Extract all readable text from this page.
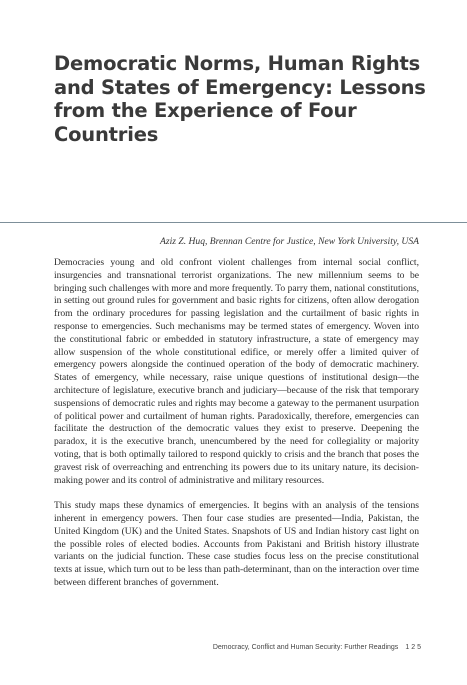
Democratic Norms, Human Rights and States of Emergency: Lessons from the Experience of Four Countries
Aziz Z. Huq, Brennan Centre for Justice, New York University, USA

Democracies young and old confront violent challenges from internal social conflict, insurgencies and transnational terrorist organizations. The new millennium seems to be bringing such challenges with more and more frequently. To parry them, national constitutions, in setting out ground rules for government and basic rights for citizens, often allow derogation from the ordinary procedures for passing legislation and the curtailment of basic rights in response to emergencies. Such mechanisms may be termed states of emergency. Woven into the constitutional fabric or embedded in statutory infrastructure, a state of emergency may allow suspension of the whole constitutional edifice, or merely offer a limited quiver of emergency powers alongside the continued operation of the body of democratic machinery. States of emergency, while necessary, raise unique questions of institutional design—the architecture of legislature, executive branch and judiciary—because of the risk that temporary suspensions of democratic rules and rights may become a gateway to the permanent usurpation of political power and curtailment of human rights. Paradoxically, therefore, emergencies can facilitate the destruction of the democratic values they exist to preserve. Deepening the paradox, it is the executive branch, unencumbered by the need for collegiality or majority voting, that is both optimally tailored to respond quickly to crisis and the branch that poses the gravest risk of overreaching and entrenching its powers due to its unitary nature, its decision-making power and its control of administrative and military resources.

This study maps these dynamics of emergencies. It begins with an analysis of the tensions inherent in emergency powers. Then four case studies are presented—India, Pakistan, the United Kingdom (UK) and the United States. Snapshots of US and Indian history cast light on the possible roles of elected bodies. Accounts from Pakistani and British history illustrate variants on the judicial function. These case studies focus less on the precise constitutional texts at issue, which turn out to be less than path-determinant, than on the interaction over time between different branches of government.

Democracy, Conflict and Human Security: Further Readings 125
